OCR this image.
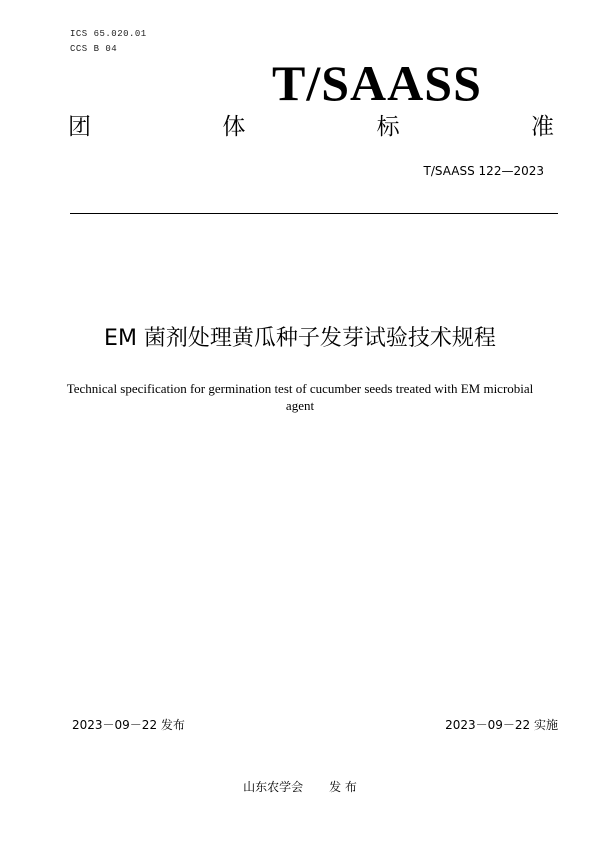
ICS 65.020.01
CCS B 04
T/SAASS
团	体	标	准
T/SAASS 122—2023
EM 菌剂处理黄瓜种子发芽试验技术规程
Technical specification for germination test of cucumber seeds treated with EM microbial agent
2023－09－22 发布	2023－09－22 实施
山东农学会 发 布
